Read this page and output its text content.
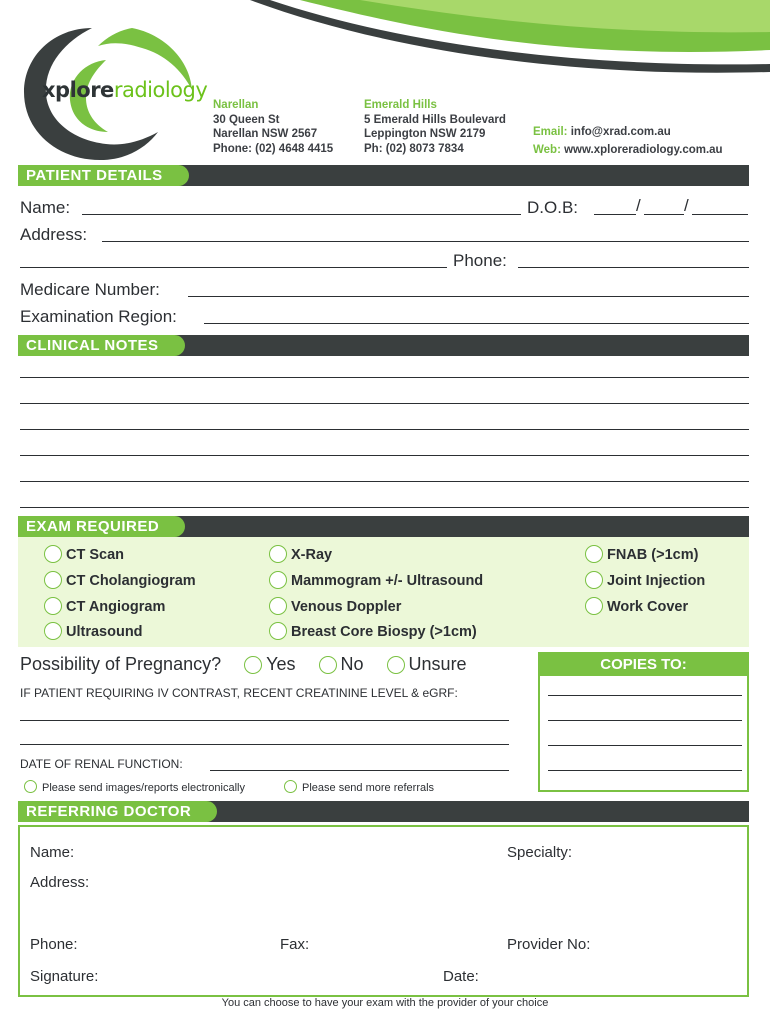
xploreradiology
Narellan
30 Queen St
Narellan NSW 2567
Phone: (02) 4648 4415
Emerald Hills
5 Emerald Hills Boulevard
Leppington NSW 2179
Ph: (02) 8073 7834
Email: info@xrad.com.au
Web: www.xploreradiology.com.au
PATIENT DETAILS
Name:	D.O.B:	/	/
Address:
Phone:
Medicare Number:
Examination Region:
CLINICAL NOTES
EXAM REQUIRED
CT Scan
CT Cholangiogram
CT Angiogram
Ultrasound
X-Ray
Mammogram +/- Ultrasound
Venous Doppler
Breast Core Biospy (>1cm)
FNAB (>1cm)
Joint Injection
Work Cover
Possibility of Pregnancy?	Yes	No	Unsure
IF PATIENT REQUIRING IV CONTRAST, RECENT CREATININE LEVEL & eGRF:
DATE OF RENAL FUNCTION:
Please send images/reports electronically	Please send more referrals
COPIES TO:
REFERRING DOCTOR
Name:	Specialty:
Address:
Phone:	Fax:	Provider No:
Signature:	Date:
You can choose to have your exam with the provider of your choice
